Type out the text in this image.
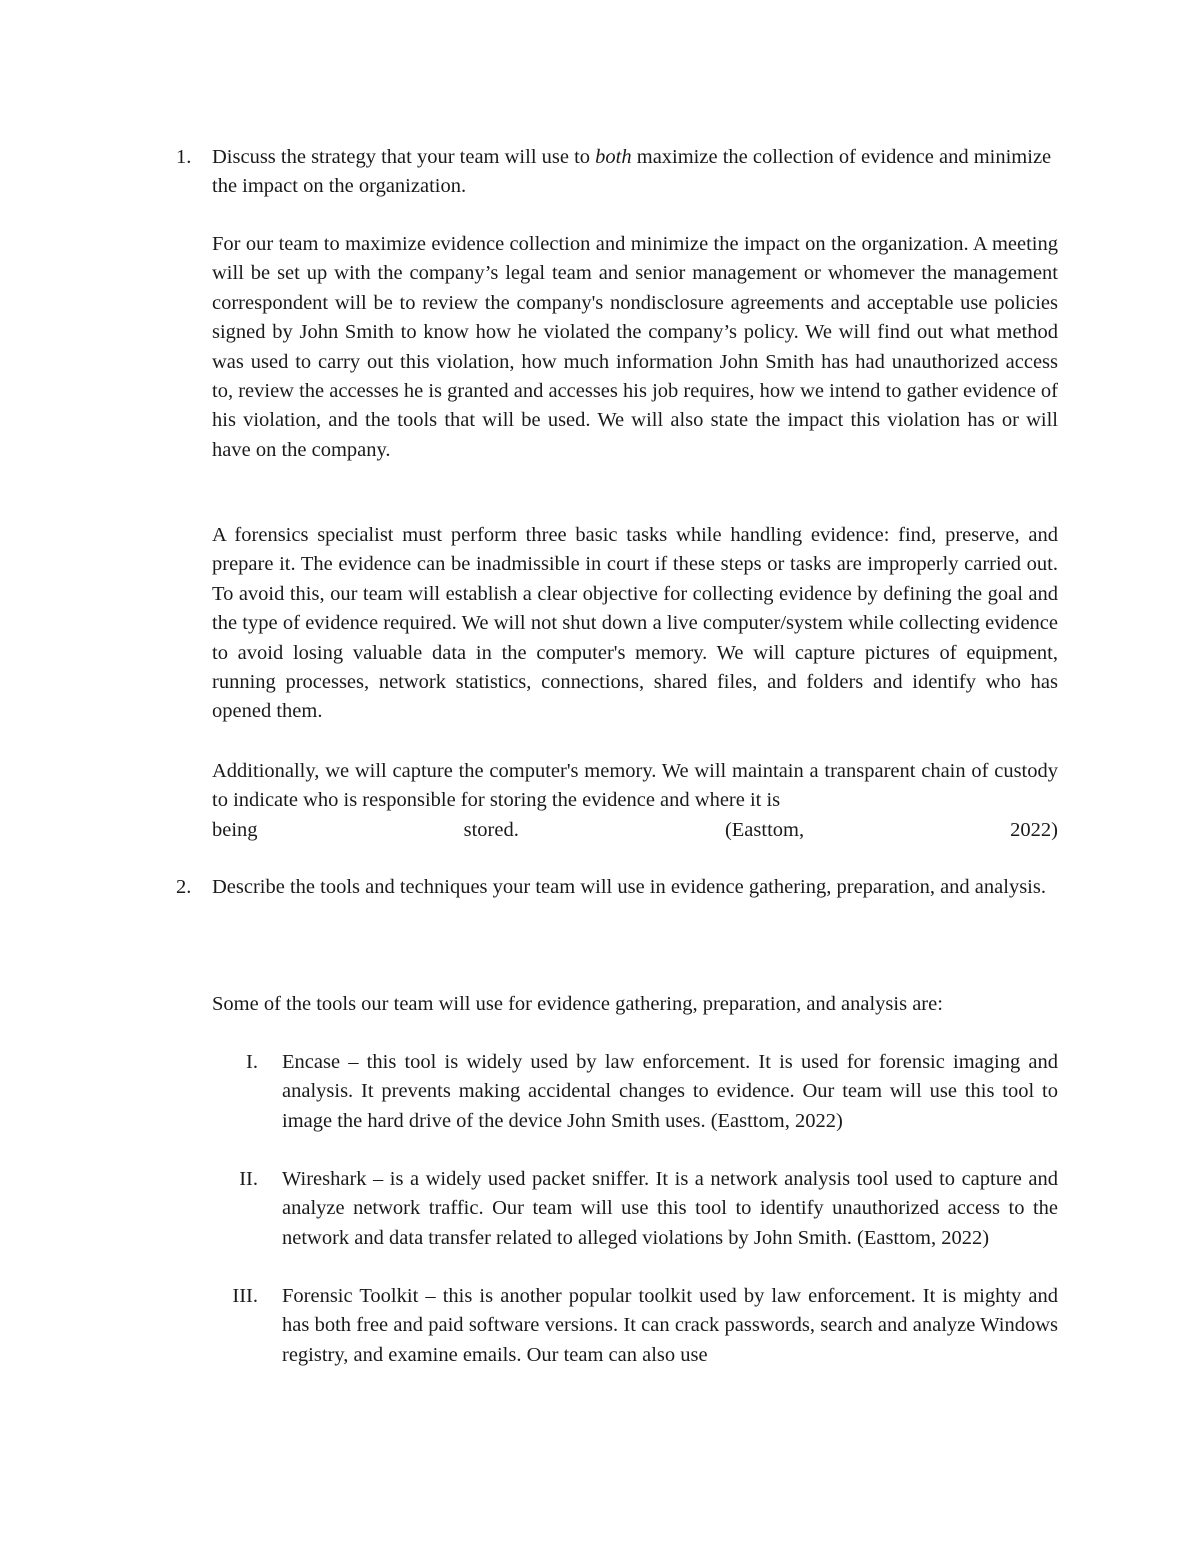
1.	Discuss the strategy that your team will use to both maximize the collection of evidence and minimize the impact on the organization.

For our team to maximize evidence collection and minimize the impact on the organization. A meeting will be set up with the company’s legal team and senior management or whomever the management correspondent will be to review the company's nondisclosure agreements and acceptable use policies signed by John Smith to know how he violated the company’s policy. We will find out what method was used to carry out this violation, how much information John Smith has had unauthorized access to, review the accesses he is granted and accesses his job requires, how we intend to gather evidence of his violation, and the tools that will be used. We will also state the impact this violation has or will have on the company.

A forensics specialist must perform three basic tasks while handling evidence: find, preserve, and prepare it. The evidence can be inadmissible in court if these steps or tasks are improperly carried out. To avoid this, our team will establish a clear objective for collecting evidence by defining the goal and the type of evidence required. We will not shut down a live computer/system while collecting evidence to avoid losing valuable data in the computer's memory. We will capture pictures of equipment, running processes, network statistics, connections, shared files, and folders and identify who has opened them.

Additionally, we will capture the computer's memory. We will maintain a transparent chain of custody to indicate who is responsible for storing the evidence and where it is
being stored. (Easttom, 2022)
2.	Describe the tools and techniques your team will use in evidence gathering, preparation, and analysis.

Some of the tools our team will use for evidence gathering, preparation, and analysis are:

I. Encase – this tool is widely used by law enforcement. It is used for forensic imaging and analysis. It prevents making accidental changes to evidence. Our team will use this tool to image the hard drive of the device John Smith uses. (Easttom, 2022)
II. Wireshark – is a widely used packet sniffer. It is a network analysis tool used to capture and analyze network traffic. Our team will use this tool to identify unauthorized access to the network and data transfer related to alleged violations by John Smith. (Easttom, 2022)
III. Forensic Toolkit – this is another popular toolkit used by law enforcement. It is mighty and has both free and paid software versions. It can crack passwords, search and analyze Windows registry, and examine emails. Our team can also use
